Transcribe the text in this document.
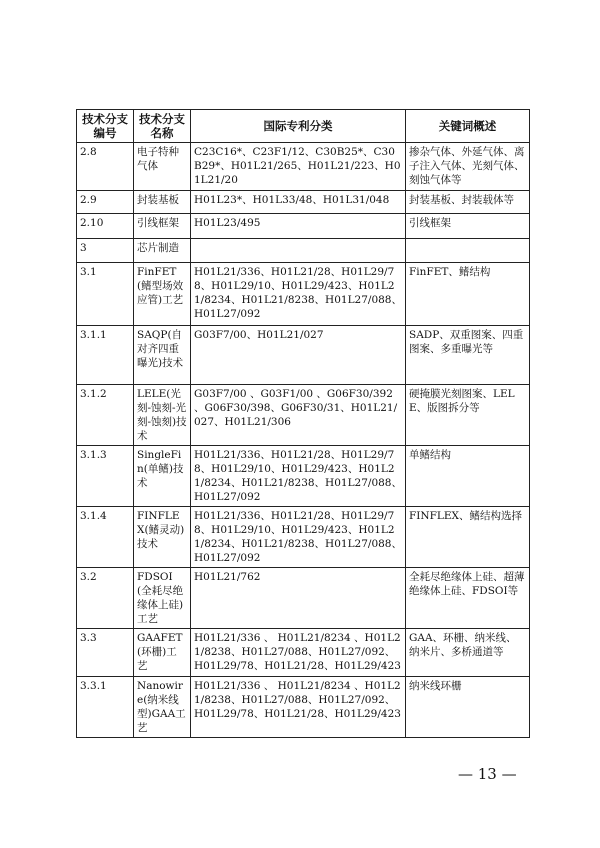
技术分支编号	技术分支名称	国际专利分类	关键词概述
2.8	电子特种气体	C23C16*、C23F1/12、C30B25*、C30B29*、H01L21/265、H01L21/223、H01L21/20	掺杂气体、外延气体、离子注入气体、光刻气体、刻蚀气体等
2.9	封装基板	H01L23*、H01L33/48、H01L31/048	封装基板、封装载体等
2.10	引线框架	H01L23/495	引线框架
3	芯片制造		
3.1	FinFET(鳍型场效应管)工艺	H01L21/336、H01L21/28、H01L29/78、H01L29/10、H01L29/423、H01L21/8234、H01L21/8238、H01L27/088、H01L27/092	FinFET、鳍结构
3.1.1	SAQP(自对齐四重曝光)技术	G03F7/00、H01L21/027	SADP、双重图案、四重图案、多重曝光等
3.1.2	LELE(光刻-蚀刻-光刻-蚀刻)技术	G03F7/00 、G03F1/00 、G06F30/392 、G06F30/398、G06F30/31、H01L21/027、H01L21/306	硬掩膜光刻图案、LELE、版图拆分等
3.1.3	SingleFin(单鳍)技术	H01L21/336、H01L21/28、H01L29/78、H01L29/10、H01L29/423、H01L21/8234、H01L21/8238、H01L27/088、H01L27/092	单鳍结构
3.1.4	FINFLEX(鳍灵动)技术	H01L21/336、H01L21/28、H01L29/78、H01L29/10、H01L29/423、H01L21/8234、H01L21/8238、H01L27/088、H01L27/092	FINFLEX、鳍结构选择
3.2	FDSOI(全耗尽绝缘体上硅)工艺	H01L21/762	全耗尽绝缘体上硅、超薄绝缘体上硅、FDSOI等
3.3	GAAFET(环栅)工艺	H01L21/336 、 H01L21/8234 、H01L21/8238、H01L27/088、H01L27/092、H01L29/78、H01L21/28、H01L29/423	GAA、环栅、纳米线、纳米片、多桥通道等
3.3.1	Nanowire(纳米线型)GAA工艺	H01L21/336 、 H01L21/8234 、H01L21/8238、H01L27/088、H01L27/092、H01L29/78、H01L21/28、H01L29/423	纳米线环栅
— 13 —
